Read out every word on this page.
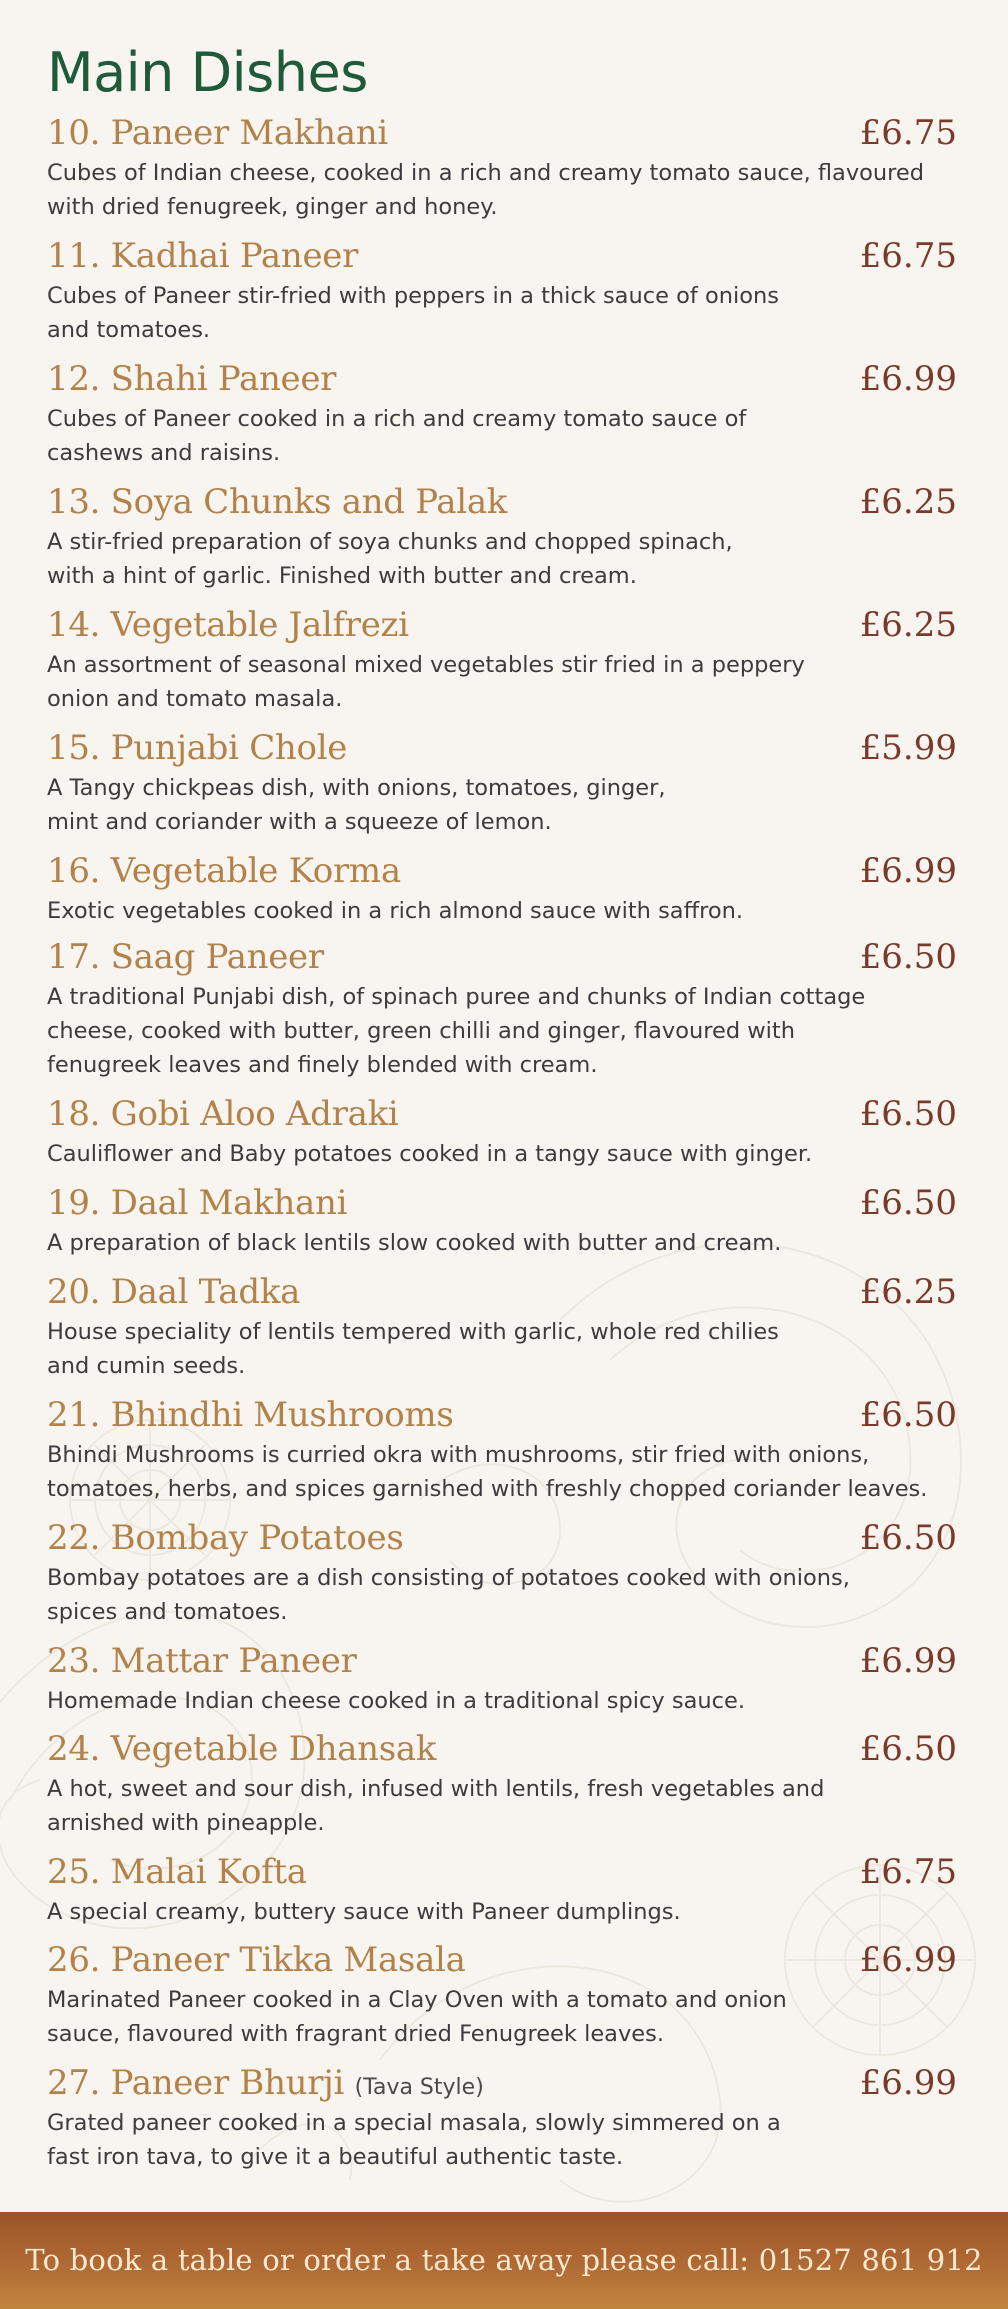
Main Dishes
10. Paneer Makhani	£6.75

Cubes of Indian cheese, cooked in a rich and creamy tomato sauce, flavoured with dried fenugreek, ginger and honey.

11. Kadhai Paneer	£6.75

Cubes of Paneer stir-fried with peppers in a thick sauce of onions and tomatoes.

12. Shahi Paneer	£6.99

Cubes of Paneer cooked in a rich and creamy tomato sauce of cashews and raisins.

13. Soya Chunks and Palak	£6.25

A stir-fried preparation of soya chunks and chopped spinach, with a hint of garlic. Finished with butter and cream.

14. Vegetable Jalfrezi	£6.25

An assortment of seasonal mixed vegetables stir fried in a peppery onion and tomato masala.

15. Punjabi Chole	£5.99

A Tangy chickpeas dish, with onions, tomatoes, ginger, mint and coriander with a squeeze of lemon.

16. Vegetable Korma	£6.99

Exotic vegetables cooked in a rich almond sauce with saffron.

17. Saag Paneer	£6.50

A traditional Punjabi dish, of spinach puree and chunks of Indian cottage cheese, cooked with butter, green chilli and ginger, flavoured with fenugreek leaves and finely blended with cream.

18. Gobi Aloo Adraki	£6.50

Cauliflower and Baby potatoes cooked in a tangy sauce with ginger.

19. Daal Makhani	£6.50

A preparation of black lentils slow cooked with butter and cream.

20. Daal Tadka	£6.25

House speciality of lentils tempered with garlic, whole red chilies and cumin seeds.

21. Bhindhi Mushrooms	£6.50

Bhindi Mushrooms is curried okra with mushrooms, stir fried with onions, tomatoes, herbs, and spices garnished with freshly chopped coriander leaves.

22. Bombay Potatoes	£6.50

Bombay potatoes are a dish consisting of potatoes cooked with onions, spices and tomatoes.

23. Mattar Paneer	£6.99

Homemade Indian cheese cooked in a traditional spicy sauce.

24. Vegetable Dhansak	£6.50

A hot, sweet and sour dish, infused with lentils, fresh vegetables and arnished with pineapple.

25. Malai Kofta	£6.75

A special creamy, buttery sauce with Paneer dumplings.

26. Paneer Tikka Masala	£6.99

Marinated Paneer cooked in a Clay Oven with a tomato and onion sauce, flavoured with fragrant dried Fenugreek leaves.

27. Paneer Bhurji (Tava Style)	£6.99

Grated paneer cooked in a special masala, slowly simmered on a fast iron tava, to give it a beautiful authentic taste.

To book a table or order a take away please call: 01527 861 912
